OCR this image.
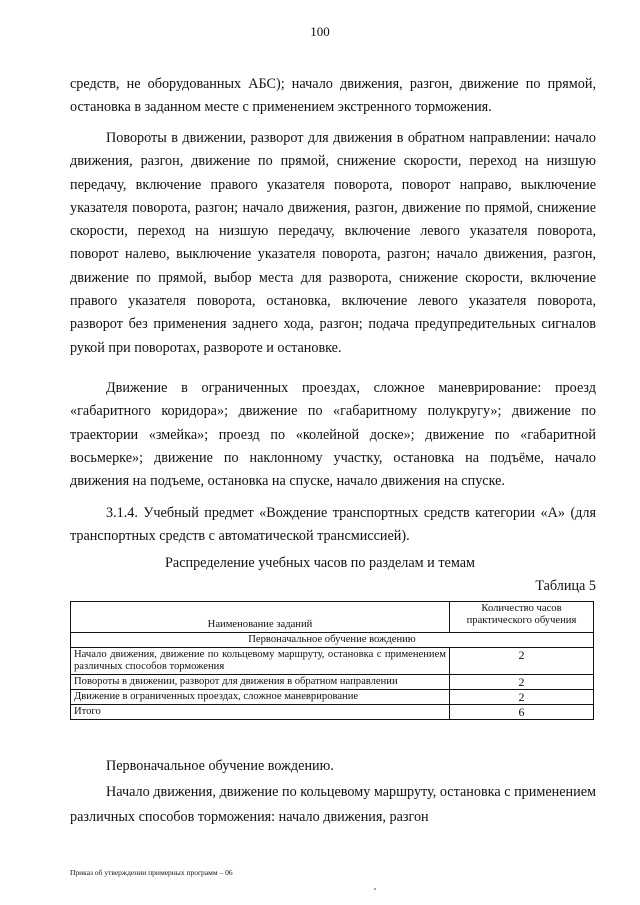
100

средств, не оборудованных АБС); начало движения, разгон, движение по прямой, остановка в заданном месте с применением экстренного торможения.

Повороты в движении, разворот для движения в обратном направлении: начало движения, разгон, движение по прямой, снижение скорости, переход на низшую передачу, включение правого указателя поворота, поворот направо, выключение указателя поворота, разгон; начало движения, разгон, движение по прямой, снижение скорости, переход на низшую передачу, включение левого указателя поворота, поворот налево, выключение указателя поворота, разгон; начало движения, разгон, движение по прямой, выбор места для разворота, снижение скорости, включение правого указателя поворота, остановка, включение левого указателя поворота, разворот без применения заднего хода, разгон; подача предупредительных сигналов рукой при поворотах, развороте и остановке.

Движение в ограниченных проездах, сложное маневрирование: проезд «габаритного коридора»; движение по «габаритному полукругу»; движение по траектории «змейка»; проезд по «колейной доске»; движение по «габаритной восьмерке»; движение по наклонному участку, остановка на подъёме, начало движения на подъеме, остановка на спуске, начало движения на спуске.

3.1.4. Учебный предмет «Вождение транспортных средств категории «А» (для транспортных средств с автоматической трансмиссией).

Распределение учебных часов по разделам и темам

Таблица 5

Наименование заданий	Количество часов практического обучения
Первоначальное обучение вождению	
Начало движения, движение по кольцевому маршруту, остановка с применением различных способов торможения	2
Повороты в движении, разворот для движения в обратном направлении	2
Движение в ограниченных проездах, сложное маневрирование	2
Итого	6

Первоначальное обучение вождению.

Начало движения, движение по кольцевому маршруту, остановка с применением различных способов торможения: начало движения, разгон

Приказ об утверждении примерных программ – 06
